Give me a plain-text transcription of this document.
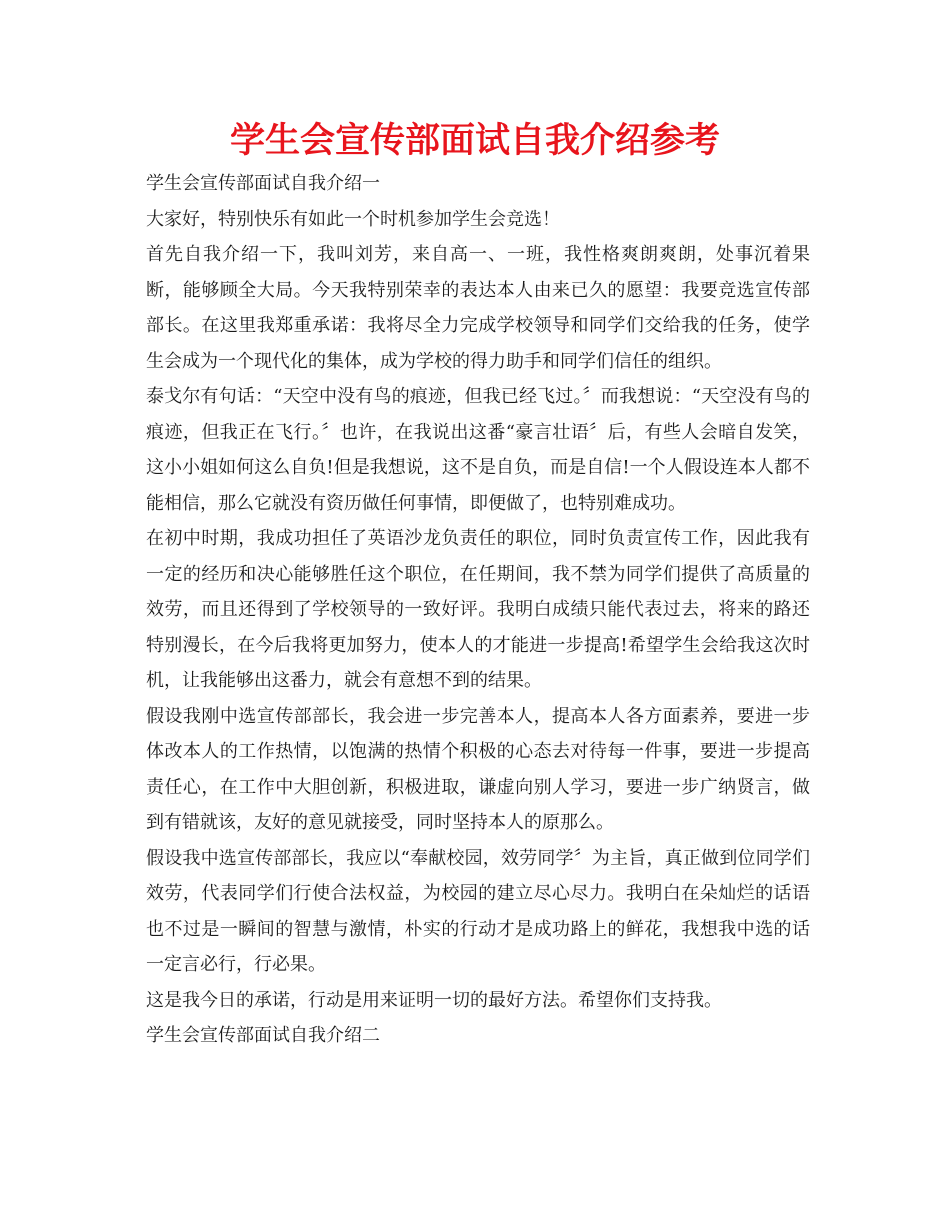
学生会宣传部面试自我介绍参考

学生会宣传部面试自我介绍一

大家好，特别快乐有如此一个时机参加学生会竞选！

首先自我介绍一下，我叫刘芳，来自高一、一班，我性格爽朗爽朗，处事沉着果断，能够顾全大局。今天我特别荣幸的表达本人由来已久的愿望：我要竞选宣传部部长。在这里我郑重承诺：我将尽全力完成学校领导和同学们交给我的任务，使学生会成为一个现代化的集体，成为学校的得力助手和同学们信任的组织。

泰戈尔有句话：“天空中没有鸟的痕迹，但我已经飞过。〞而我想说：“天空没有鸟的痕迹，但我正在飞行。〞也许，在我说出这番“豪言壮语〞后，有些人会暗自发笑，这小小姐如何这么自负!但是我想说，这不是自负，而是自信!一个人假设连本人都不能相信，那么它就没有资历做任何事情，即便做了，也特别难成功。

在初中时期，我成功担任了英语沙龙负责任的职位，同时负责宣传工作，因此我有一定的经历和决心能够胜任这个职位，在任期间，我不禁为同学们提供了高质量的效劳，而且还得到了学校领导的一致好评。我明白成绩只能代表过去，将来的路还特别漫长，在今后我将更加努力，使本人的才能进一步提高!希望学生会给我这次时机，让我能够出这番力，就会有意想不到的结果。

假设我刚中选宣传部部长，我会进一步完善本人，提高本人各方面素养，要进一步体改本人的工作热情，以饱满的热情个积极的心态去对待每一件事，要进一步提高责任心，在工作中大胆创新，积极进取，谦虚向别人学习，要进一步广纳贤言，做到有错就该，友好的意见就接受，同时坚持本人的原那么。

假设我中选宣传部部长，我应以“奉献校园，效劳同学〞为主旨，真正做到位同学们效劳，代表同学们行使合法权益，为校园的建立尽心尽力。我明白在朵灿烂的话语也不过是一瞬间的智慧与激情，朴实的行动才是成功路上的鲜花，我想我中选的话一定言必行，行必果。

这是我今日的承诺，行动是用来证明一切的最好方法。希望你们支持我。

学生会宣传部面试自我介绍二
